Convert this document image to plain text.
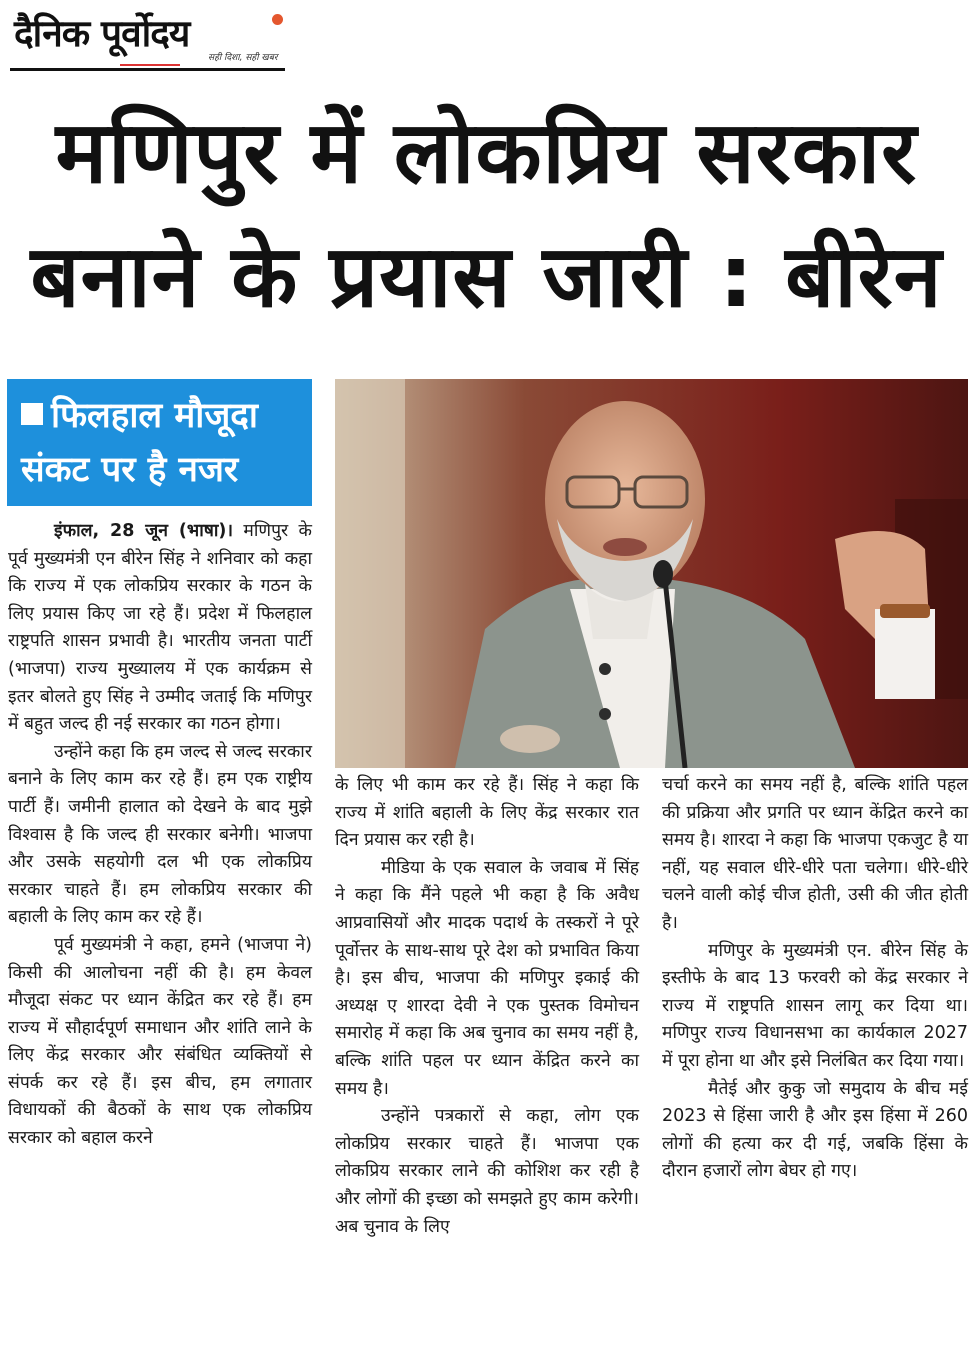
दैनिक पूर्वोदय
सही दिशा, सही खबर
मणिपुर में लोकप्रिय सरकार
बनाने के प्रयास जारी : बीरेन
फिलहाल मौजूदा
संकट पर है नजर

इंफाल, 28 जून (भाषा)। मणिपुर के पूर्व मुख्यमंत्री एन बीरेन सिंह ने शनिवार को कहा कि राज्य में एक लोकप्रिय सरकार के गठन के लिए प्रयास किए जा रहे हैं। प्रदेश में फिलहाल राष्ट्रपति शासन प्रभावी है। भारतीय जनता पार्टी (भाजपा) राज्य मुख्यालय में एक कार्यक्रम से इतर बोलते हुए सिंह ने उम्मीद जताई कि मणिपुर में बहुत जल्द ही नई सरकार का गठन होगा।

उन्होंने कहा कि हम जल्द से जल्द सरकार बनाने के लिए काम कर रहे हैं। हम एक राष्ट्रीय पार्टी हैं। जमीनी हालात को देखने के बाद मुझे विश्वास है कि जल्द ही सरकार बनेगी। भाजपा और उसके सहयोगी दल भी एक लोकप्रिय सरकार चाहते हैं। हम लोकप्रिय सरकार की बहाली के लिए काम कर रहे हैं।

पूर्व मुख्यमंत्री ने कहा, हमने (भाजपा ने) किसी की आलोचना नहीं की है। हम केवल मौजूदा संकट पर ध्यान केंद्रित कर रहे हैं। हम राज्य में सौहार्दपूर्ण समाधान और शांति लाने के लिए केंद्र सरकार और संबंधित व्यक्तियों से संपर्क कर रहे हैं। इस बीच, हम लगातार विधायकों की बैठकों के साथ एक लोकप्रिय सरकार को बहाल करने

के लिए भी काम कर रहे हैं। सिंह ने कहा कि राज्य में शांति बहाली के लिए केंद्र सरकार रात दिन प्रयास कर रही है।

मीडिया के एक सवाल के जवाब में सिंह ने कहा कि मैंने पहले भी कहा है कि अवैध आप्रवासियों और मादक पदार्थ के तस्करों ने पूरे पूर्वोत्तर के साथ-साथ पूरे देश को प्रभावित किया है। इस बीच, भाजपा की मणिपुर इकाई की अध्यक्ष ए शारदा देवी ने एक पुस्तक विमोचन समारोह में कहा कि अब चुनाव का समय नहीं है, बल्कि शांति पहल पर ध्यान केंद्रित करने का समय है।

उन्होंने पत्रकारों से कहा, लोग एक लोकप्रिय सरकार चाहते हैं। भाजपा एक लोकप्रिय सरकार लाने की कोशिश कर रही है और लोगों की इच्छा को समझते हुए काम करेगी। अब चुनाव के लिए

चर्चा करने का समय नहीं है, बल्कि शांति पहल की प्रक्रिया और प्रगति पर ध्यान केंद्रित करने का समय है। शारदा ने कहा कि भाजपा एकजुट है या नहीं, यह सवाल धीरे-धीरे पता चलेगा। धीरे-धीरे चलने वाली कोई चीज होती, उसी की जीत होती है।

मणिपुर के मुख्यमंत्री एन. बीरेन सिंह के इस्तीफे के बाद 13 फरवरी को केंद्र सरकार ने राज्य में राष्ट्रपति शासन लागू कर दिया था। मणिपुर राज्य विधानसभा का कार्यकाल 2027 में पूरा होना था और इसे निलंबित कर दिया गया।

मैतेई और कुकु जो समुदाय के बीच मई 2023 से हिंसा जारी है और इस हिंसा में 260 लोगों की हत्या कर दी गई, जबकि हिंसा के दौरान हजारों लोग बेघर हो गए।
